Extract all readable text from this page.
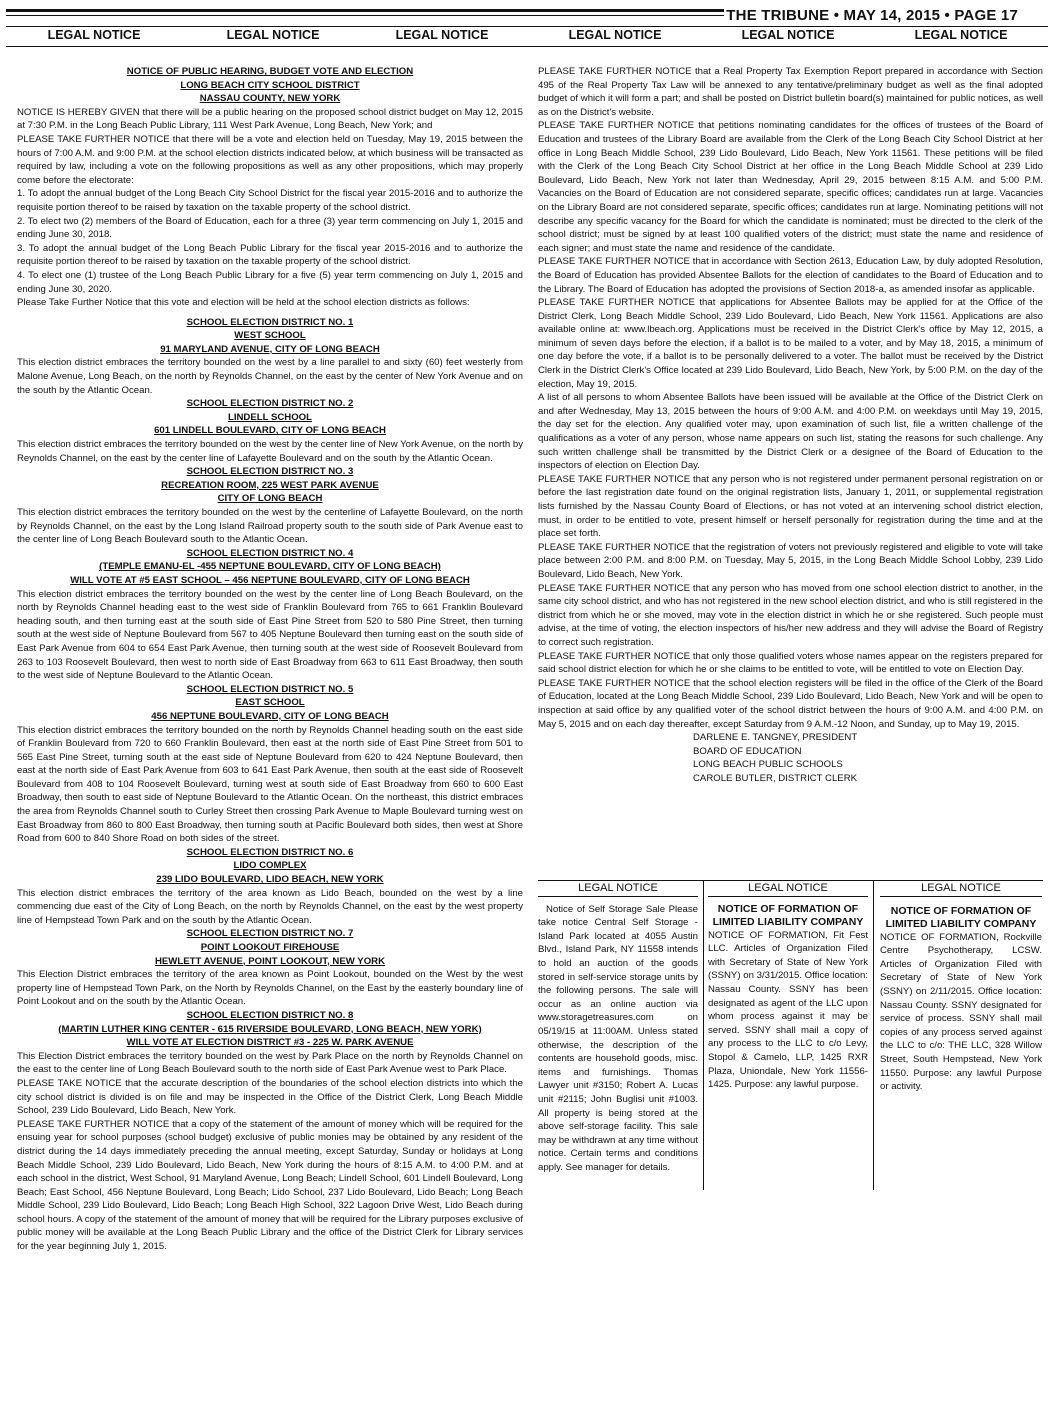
THE TRIBUNE • MAY 14, 2015 • PAGE 17
LEGAL NOTICE	LEGAL NOTICE	LEGAL NOTICE	LEGAL NOTICE	LEGAL NOTICE	LEGAL NOTICE

NOTICE OF PUBLIC HEARING, BUDGET VOTE AND ELECTION

LONG BEACH CITY SCHOOL DISTRICT

NASSAU COUNTY, NEW YORK

NOTICE IS HEREBY GIVEN that there will be a public hearing on the proposed school district budget on May 12, 2015 at 7:30 P.M. in the Long Beach Public Library, 111 West Park Avenue, Long Beach, New York; and

PLEASE TAKE FURTHER NOTICE that there will be a vote and election held on Tuesday, May 19, 2015 between the hours of 7:00 A.M. and 9:00 P.M. at the school election districts indicated below, at which business will be transacted as required by law, including a vote on the following propositions as well as any other propositions, which may properly come before the electorate:

1. To adopt the annual budget of the Long Beach City School District for the fiscal year 2015-2016 and to authorize the requisite portion thereof to be raised by taxation on the taxable property of the school district.

2. To elect two (2) members of the Board of Education, each for a three (3) year term commencing on July 1, 2015 and ending June 30, 2018.

3. To adopt the annual budget of the Long Beach Public Library for the fiscal year 2015-2016 and to authorize the requisite portion thereof to be raised by taxation on the taxable property of the school district.

4. To elect one (1) trustee of the Long Beach Public Library for a five (5) year term commencing on July 1, 2015 and ending June 30, 2020.

Please Take Further Notice that this vote and election will be held at the school election districts as follows:

SCHOOL ELECTION DISTRICT NO. 1

WEST SCHOOL

91 MARYLAND AVENUE, CITY OF LONG BEACH

This election district embraces the territory bounded on the west by a line parallel to and sixty (60) feet westerly from Malone Avenue, Long Beach, on the north by Reynolds Channel, on the east by the center of New York Avenue and on the south by the Atlantic Ocean.

SCHOOL ELECTION DISTRICT NO. 2

LINDELL SCHOOL

601 LINDELL BOULEVARD, CITY OF LONG BEACH

This election district embraces the territory bounded on the west by the center line of New York Avenue, on the north by Reynolds Channel, on the east by the center line of Lafayette Boulevard and on the south by the Atlantic Ocean.

SCHOOL ELECTION DISTRICT NO. 3

RECREATION ROOM, 225 WEST PARK AVENUE

CITY OF LONG BEACH

This election district embraces the territory bounded on the west by the centerline of Lafayette Boulevard, on the north by Reynolds Channel, on the east by the Long Island Railroad property south to the south side of Park Avenue east to the center line of Long Beach Boulevard south to the Atlantic Ocean.

SCHOOL ELECTION DISTRICT NO. 4

(TEMPLE EMANU-EL -455 NEPTUNE BOULEVARD, CITY OF LONG BEACH)

WILL VOTE AT #5 EAST SCHOOL – 456 NEPTUNE BOULEVARD, CITY OF LONG BEACH

This election district embraces the territory bounded on the west by the center line of Long Beach Boulevard, on the north by Reynolds Channel heading east to the west side of Franklin Boulevard from 765 to 661 Franklin Boulevard heading south, and then turning east at the south side of East Pine Street from 520 to 580 Pine Street, then turning south at the west side of Neptune Boulevard from 567 to 405 Neptune Boulevard then turning east on the south side of East Park Avenue from 604 to 654 East Park Avenue, then turning south at the west side of Roosevelt Boulevard from 263 to 103 Roosevelt Boulevard, then west to north side of East Broadway from 663 to 611 East Broadway, then south to the west side of Neptune Boulevard to the Atlantic Ocean.

SCHOOL ELECTION DISTRICT NO. 5

EAST SCHOOL

456 NEPTUNE BOULEVARD, CITY OF LONG BEACH

This election district embraces the territory bounded on the north by Reynolds Channel heading south on the east side of Franklin Boulevard from 720 to 660 Franklin Boulevard, then east at the north side of East Pine Street from 501 to 565 East Pine Street, turning south at the east side of Neptune Boulevard from 620 to 424 Neptune Boulevard, then east at the north side of East Park Avenue from 603 to 641 East Park Avenue, then south at the east side of Roosevelt Boulevard from 408 to 104 Roosevelt Boulevard, turning west at south side of East Broadway from 660 to 600 East Broadway, then south to east side of Neptune Boulevard to the Atlantic Ocean. On the northeast, this district embraces the area from Reynolds Channel south to Curley Street then crossing Park Avenue to Maple Boulevard turning west on East Broadway from 860 to 800 East Broadway, then turning south at Pacific Boulevard both sides, then west at Shore Road from 600 to 840 Shore Road on both sides of the street.

SCHOOL ELECTION DISTRICT NO. 6

LIDO COMPLEX

239 LIDO BOULEVARD, LIDO BEACH, NEW YORK

This election district embraces the territory of the area known as Lido Beach, bounded on the west by a line commencing due east of the City of Long Beach, on the north by Reynolds Channel, on the east by the west property line of Hempstead Town Park and on the south by the Atlantic Ocean.

SCHOOL ELECTION DISTRICT NO. 7

POINT LOOKOUT FIREHOUSE

HEWLETT AVENUE, POINT LOOKOUT, NEW YORK

This Election District embraces the territory of the area known as Point Lookout, bounded on the West by the west property line of Hempstead Town Park, on the North by Reynolds Channel, on the East by the easterly boundary line of Point Lookout and on the south by the Atlantic Ocean.

SCHOOL ELECTION DISTRICT NO. 8

(MARTIN LUTHER KING CENTER - 615 RIVERSIDE BOULEVARD, LONG BEACH, NEW YORK)

WILL VOTE AT ELECTION DISTRICT #3 - 225 W. PARK AVENUE

This Election District embraces the territory bounded on the west by Park Place on the north by Reynolds Channel on the east to the center line of Long Beach Boulevard south to the north side of East Park Avenue west to Park Place.

PLEASE TAKE NOTICE that the accurate description of the boundaries of the school election districts into which the city school district is divided is on file and may be inspected in the Office of the District Clerk, Long Beach Middle School, 239 Lido Boulevard, Lido Beach, New York.

PLEASE TAKE FURTHER NOTICE that a copy of the statement of the amount of money which will be required for the ensuing year for school purposes (school budget) exclusive of public monies may be obtained by any resident of the district during the 14 days immediately preceding the annual meeting, except Saturday, Sunday or holidays at Long Beach Middle School, 239 Lido Boulevard, Lido Beach, New York during the hours of 8:15 A.M. to 4:00 P.M. and at each school in the district, West School, 91 Maryland Avenue, Long Beach; Lindell School, 601 Lindell Boulevard, Long Beach; East School, 456 Neptune Boulevard, Long Beach; Lido School, 237 Lido Boulevard, Lido Beach; Long Beach Middle School, 239 Lido Boulevard, Lido Beach; Long Beach High School, 322 Lagoon Drive West, Lido Beach during school hours. A copy of the statement of the amount of money that will be required for the Library purposes exclusive of public money will be available at the Long Beach Public Library and the office of the District Clerk for Library services for the year beginning July 1, 2015.

PLEASE TAKE FURTHER NOTICE that a Real Property Tax Exemption Report prepared in accordance with Section 495 of the Real Property Tax Law will be annexed to any tentative/preliminary budget as well as the final adopted budget of which it will form a part; and shall be posted on District bulletin board(s) maintained for public notices, as well as on the District's website.

PLEASE TAKE FURTHER NOTICE that petitions nominating candidates for the offices of trustees of the Board of Education and trustees of the Library Board are available from the Clerk of the Long Beach City School District at her office in Long Beach Middle School, 239 Lido Boulevard, Lido Beach, New York 11561. These petitions will be filed with the Clerk of the Long Beach City School District at her office in the Long Beach Middle School at 239 Lido Boulevard, Lido Beach, New York not later than Wednesday, April 29, 2015 between 8:15 A.M. and 5:00 P.M. Vacancies on the Board of Education are not considered separate, specific offices; candidates run at large. Vacancies on the Library Board are not considered separate, specific offices; candidates run at large. Nominating petitions will not describe any specific vacancy for the Board for which the candidate is nominated; must be directed to the clerk of the school district; must be signed by at least 100 qualified voters of the district; must state the name and residence of each signer; and must state the name and residence of the candidate.

PLEASE TAKE FURTHER NOTICE that in accordance with Section 2613, Education Law, by duly adopted Resolution, the Board of Education has provided Absentee Ballots for the election of candidates to the Board of Education and to the Library. The Board of Education has adopted the provisions of Section 2018-a, as amended insofar as applicable.

PLEASE TAKE FURTHER NOTICE that applications for Absentee Ballots may be applied for at the Office of the District Clerk, Long Beach Middle School, 239 Lido Boulevard, Lido Beach, New York 11561. Applications are also available online at: www.lbeach.org. Applications must be received in the District Clerk's office by May 12, 2015, a minimum of seven days before the election, if a ballot is to be mailed to a voter, and by May 18, 2015, a minimum of one day before the vote, if a ballot is to be personally delivered to a voter. The ballot must be received by the District Clerk in the District Clerk's Office located at 239 Lido Boulevard, Lido Beach, New York, by 5:00 P.M. on the day of the election, May 19, 2015.

A list of all persons to whom Absentee Ballots have been issued will be available at the Office of the District Clerk on and after Wednesday, May 13, 2015 between the hours of 9:00 A.M. and 4:00 P.M. on weekdays until May 19, 2015, the day set for the election. Any qualified voter may, upon examination of such list, file a written challenge of the qualifications as a voter of any person, whose name appears on such list, stating the reasons for such challenge. Any such written challenge shall be transmitted by the District Clerk or a designee of the Board of Education to the inspectors of election on Election Day.

PLEASE TAKE FURTHER NOTICE that any person who is not registered under permanent personal registration on or before the last registration date found on the original registration lists, January 1, 2011, or supplemental registration lists furnished by the Nassau County Board of Elections, or has not voted at an intervening school district election, must, in order to be entitled to vote, present himself or herself personally for registration during the time and at the place set forth.

PLEASE TAKE FURTHER NOTICE that the registration of voters not previously registered and eligible to vote will take place between 2:00 P.M. and 8:00 P.M. on Tuesday, May 5, 2015, in the Long Beach Middle School Lobby, 239 Lido Boulevard, Lido Beach, New York.

PLEASE TAKE FURTHER NOTICE that any person who has moved from one school election district to another, in the same city school district, and who has not registered in the new school election district, and who is still registered in the district from which he or she moved, may vote in the election district in which he or she registered. Such people must advise, at the time of voting, the election inspectors of his/her new address and they will advise the Board of Registry to correct such registration.

PLEASE TAKE FURTHER NOTICE that only those qualified voters whose names appear on the registers prepared for said school district election for which he or she claims to be entitled to vote, will be entitled to vote on Election Day.

PLEASE TAKE FURTHER NOTICE that the school election registers will be filed in the office of the Clerk of the Board of Education, located at the Long Beach Middle School, 239 Lido Boulevard, Lido Beach, New York and will be open to inspection at said office by any qualified voter of the school district between the hours of 9:00 A.M. and 4:00 P.M. on May 5, 2015 and on each day thereafter, except Saturday from 9 A.M.-12 Noon, and Sunday, up to May 19, 2015.

DARLENE E. TANGNEY, PRESIDENT

BOARD OF EDUCATION

LONG BEACH PUBLIC SCHOOLS

CAROLE BUTLER, DISTRICT CLERK

LEGAL NOTICE

Notice of Self Storage Sale Please take notice Central Self Storage - Island Park located at 4055 Austin Blvd., Island Park, NY 11558 intends to hold an auction of the goods stored in self-service storage units by the following persons. The sale will occur as an online auction via www.storagetreasures.com on 05/19/15 at 11:00AM. Unless stated otherwise, the description of the contents are household goods, misc. items and furnishings. Thomas Lawyer unit #3150; Robert A. Lucas unit #2115; John Buglisi unit #1003. All property is being stored at the above self-storage facility. This sale may be withdrawn at any time without notice. Certain terms and conditions apply. See manager for details.

LEGAL NOTICE
NOTICE OF FORMATION OF LIMITED LIABILITY COMPANY

NOTICE OF FORMATION, Fit Fest LLC. Articles of Organization Filed with Secretary of State of New York (SSNY) on 3/31/2015. Office location: Nassau County. SSNY has been designated as agent of the LLC upon whom process against it may be served. SSNY shall mail a copy of any process to the LLC to c/o Levy, Stopol & Camelo, LLP, 1425 RXR Plaza, Uniondale, New York 11556-1425. Purpose: any lawful purpose.

LEGAL NOTICE
NOTICE OF FORMATION OF LIMITED LIABILITY COMPANY

NOTICE OF FORMATION, Rockville Centre Psychotherapy, LCSW. Articles of Organization Filed with Secretary of State of New York (SSNY) on 2/11/2015. Office location: Nassau County. SSNY designated for service of process. SSNY shall mail copies of any process served against the LLC to c/o: THE LLC, 328 Willow Street, South Hempstead, New York 11550. Purpose: any lawful Purpose or activity.
